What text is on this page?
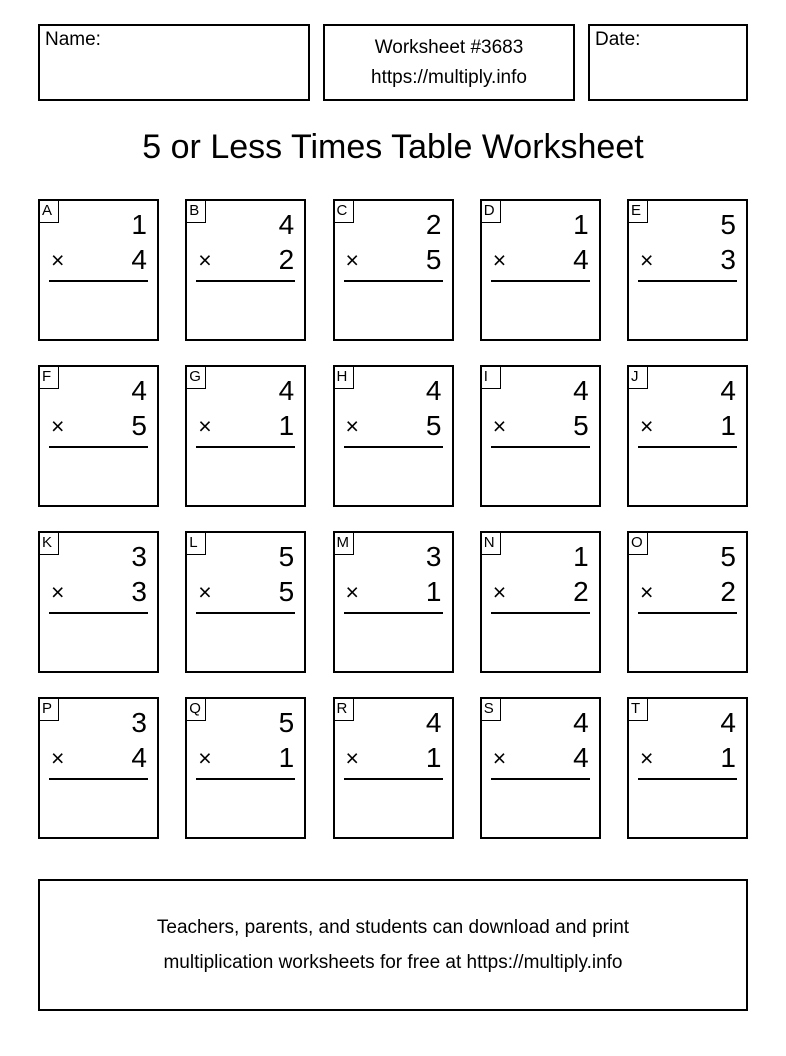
Name:	Worksheet #3683
https://multiply.info
Date:
5 or Less Times Table Worksheet
A	1
× 4
B	4
× 2
C	2
× 5
D	1
× 4
E	5
× 3
F	4
× 5
G	4
× 1
H	4
× 5
I	4
× 5
J	4
× 1
K	3
× 3
L	5
× 5
M	3
× 1
N	1
× 2
O	5
× 2
P	3
× 4
Q	5
× 1
R	4
× 1
S	4
× 4
T	4
× 1
Teachers, parents, and students can download and print
multiplication worksheets for free at https://multiply.info
